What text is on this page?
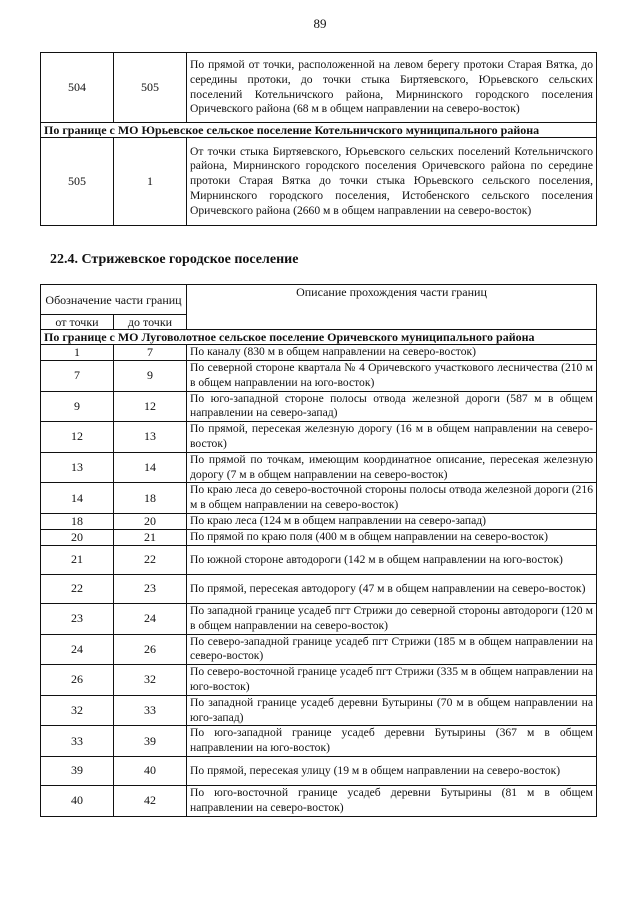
89
504	505	По прямой от точки, расположенной на левом берегу протоки Старая Вятка, до середины протоки, до точки стыка Биртяевского, Юрьевского сельских поселений Котельничского района, Мирнинского городского поселения Оричевского района (68 м в общем направлении на северо-восток)
По границе с МО Юрьевское сельское поселение Котельничского муниципального района		
505	1	От точки стыка Биртяевского, Юрьевского сельских поселений Котельничского района, Мирнинского городского поселения Оричевского района по середине протоки Старая Вятка до точки стыка Юрьевского сельского поселения, Мирнинского городского поселения, Истобенского сельского поселения Оричевского района (2660 м в общем направлении на северо-восток)
22.4. Стрижевское городское поселение
Обозначение части границ		Описание прохождения части границ
от точки	до точки	
По границе с МО Луговолотное сельское поселение Оричевского муниципального района		
1	7	По каналу (830 м в общем направлении на северо-восток)
7	9	По северной стороне квартала № 4 Оричевского участкового лесничества (210 м в общем направлении на юго-восток)
9	12	По юго-западной стороне полосы отвода железной дороги (587 м в общем направлении на северо-запад)
12	13	По прямой, пересекая железную дорогу (16 м в общем направлении на северо-восток)
13	14	По прямой по точкам, имеющим координатное описание, пересекая железную дорогу (7 м в общем направлении на северо-восток)
14	18	По краю леса до северо-восточной стороны полосы отвода железной дороги (216 м в общем направлении на северо-восток)
18	20	По краю леса (124 м в общем направлении на северо-запад)
20	21	По прямой по краю поля (400 м в общем направлении на северо-восток)
21	22	По южной стороне автодороги (142 м в общем направлении на юго-восток)
22	23	По прямой, пересекая автодорогу (47 м в общем направлении на северо-восток)
23	24	По западной границе усадеб пгт Стрижи до северной стороны автодороги (120 м в общем направлении на северо-восток)
24	26	По северо-западной границе усадеб пгт Стрижи (185 м в общем направлении на северо-восток)
26	32	По северо-восточной границе усадеб пгт Стрижи (335 м в общем направлении на юго-восток)
32	33	По западной границе усадеб деревни Бутырины (70 м в общем направлении на юго-запад)
33	39	По юго-западной границе усадеб деревни Бутырины (367 м в общем направлении на юго-восток)
39	40	По прямой, пересекая улицу (19 м в общем направлении на северо-восток)
40	42	По юго-восточной границе усадеб деревни Бутырины (81 м в общем направлении на северо-восток)
